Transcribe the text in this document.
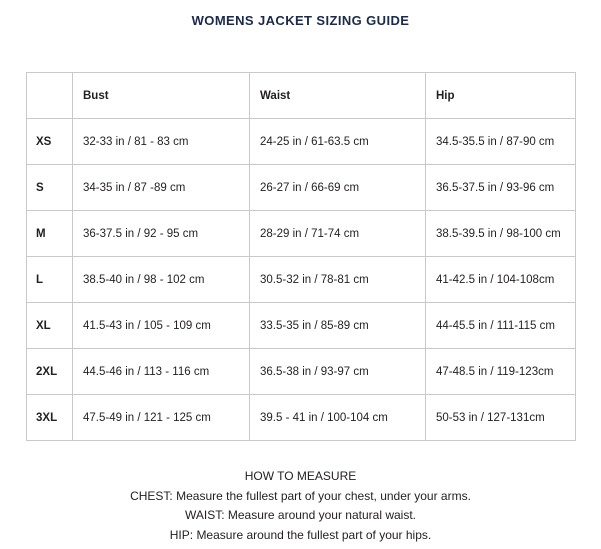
WOMENS JACKET SIZING GUIDE
	Bust	Waist	Hip
XS	32-33 in / 81 - 83 cm	24-25 in / 61-63.5 cm	34.5-35.5 in / 87-90 cm
S	34-35 in / 87 -89 cm	26-27 in / 66-69 cm	36.5-37.5 in / 93-96 cm
M	36-37.5 in / 92 - 95 cm	28-29 in / 71-74 cm	38.5-39.5 in / 98-100 cm
L	38.5-40 in / 98 - 102 cm	30.5-32 in / 78-81 cm	41-42.5 in / 104-108cm
XL	41.5-43 in / 105 - 109 cm	33.5-35 in / 85-89 cm	44-45.5 in / 111-115 cm
2XL	44.5-46 in / 113 - 116 cm	36.5-38 in / 93-97 cm	47-48.5 in / 119-123cm
3XL	47.5-49 in / 121 - 125 cm	39.5 - 41 in / 100-104 cm	50-53 in / 127-131cm
HOW TO MEASURE
CHEST: Measure the fullest part of your chest, under your arms.
WAIST: Measure around your natural waist.
HIP: Measure around the fullest part of your hips.
